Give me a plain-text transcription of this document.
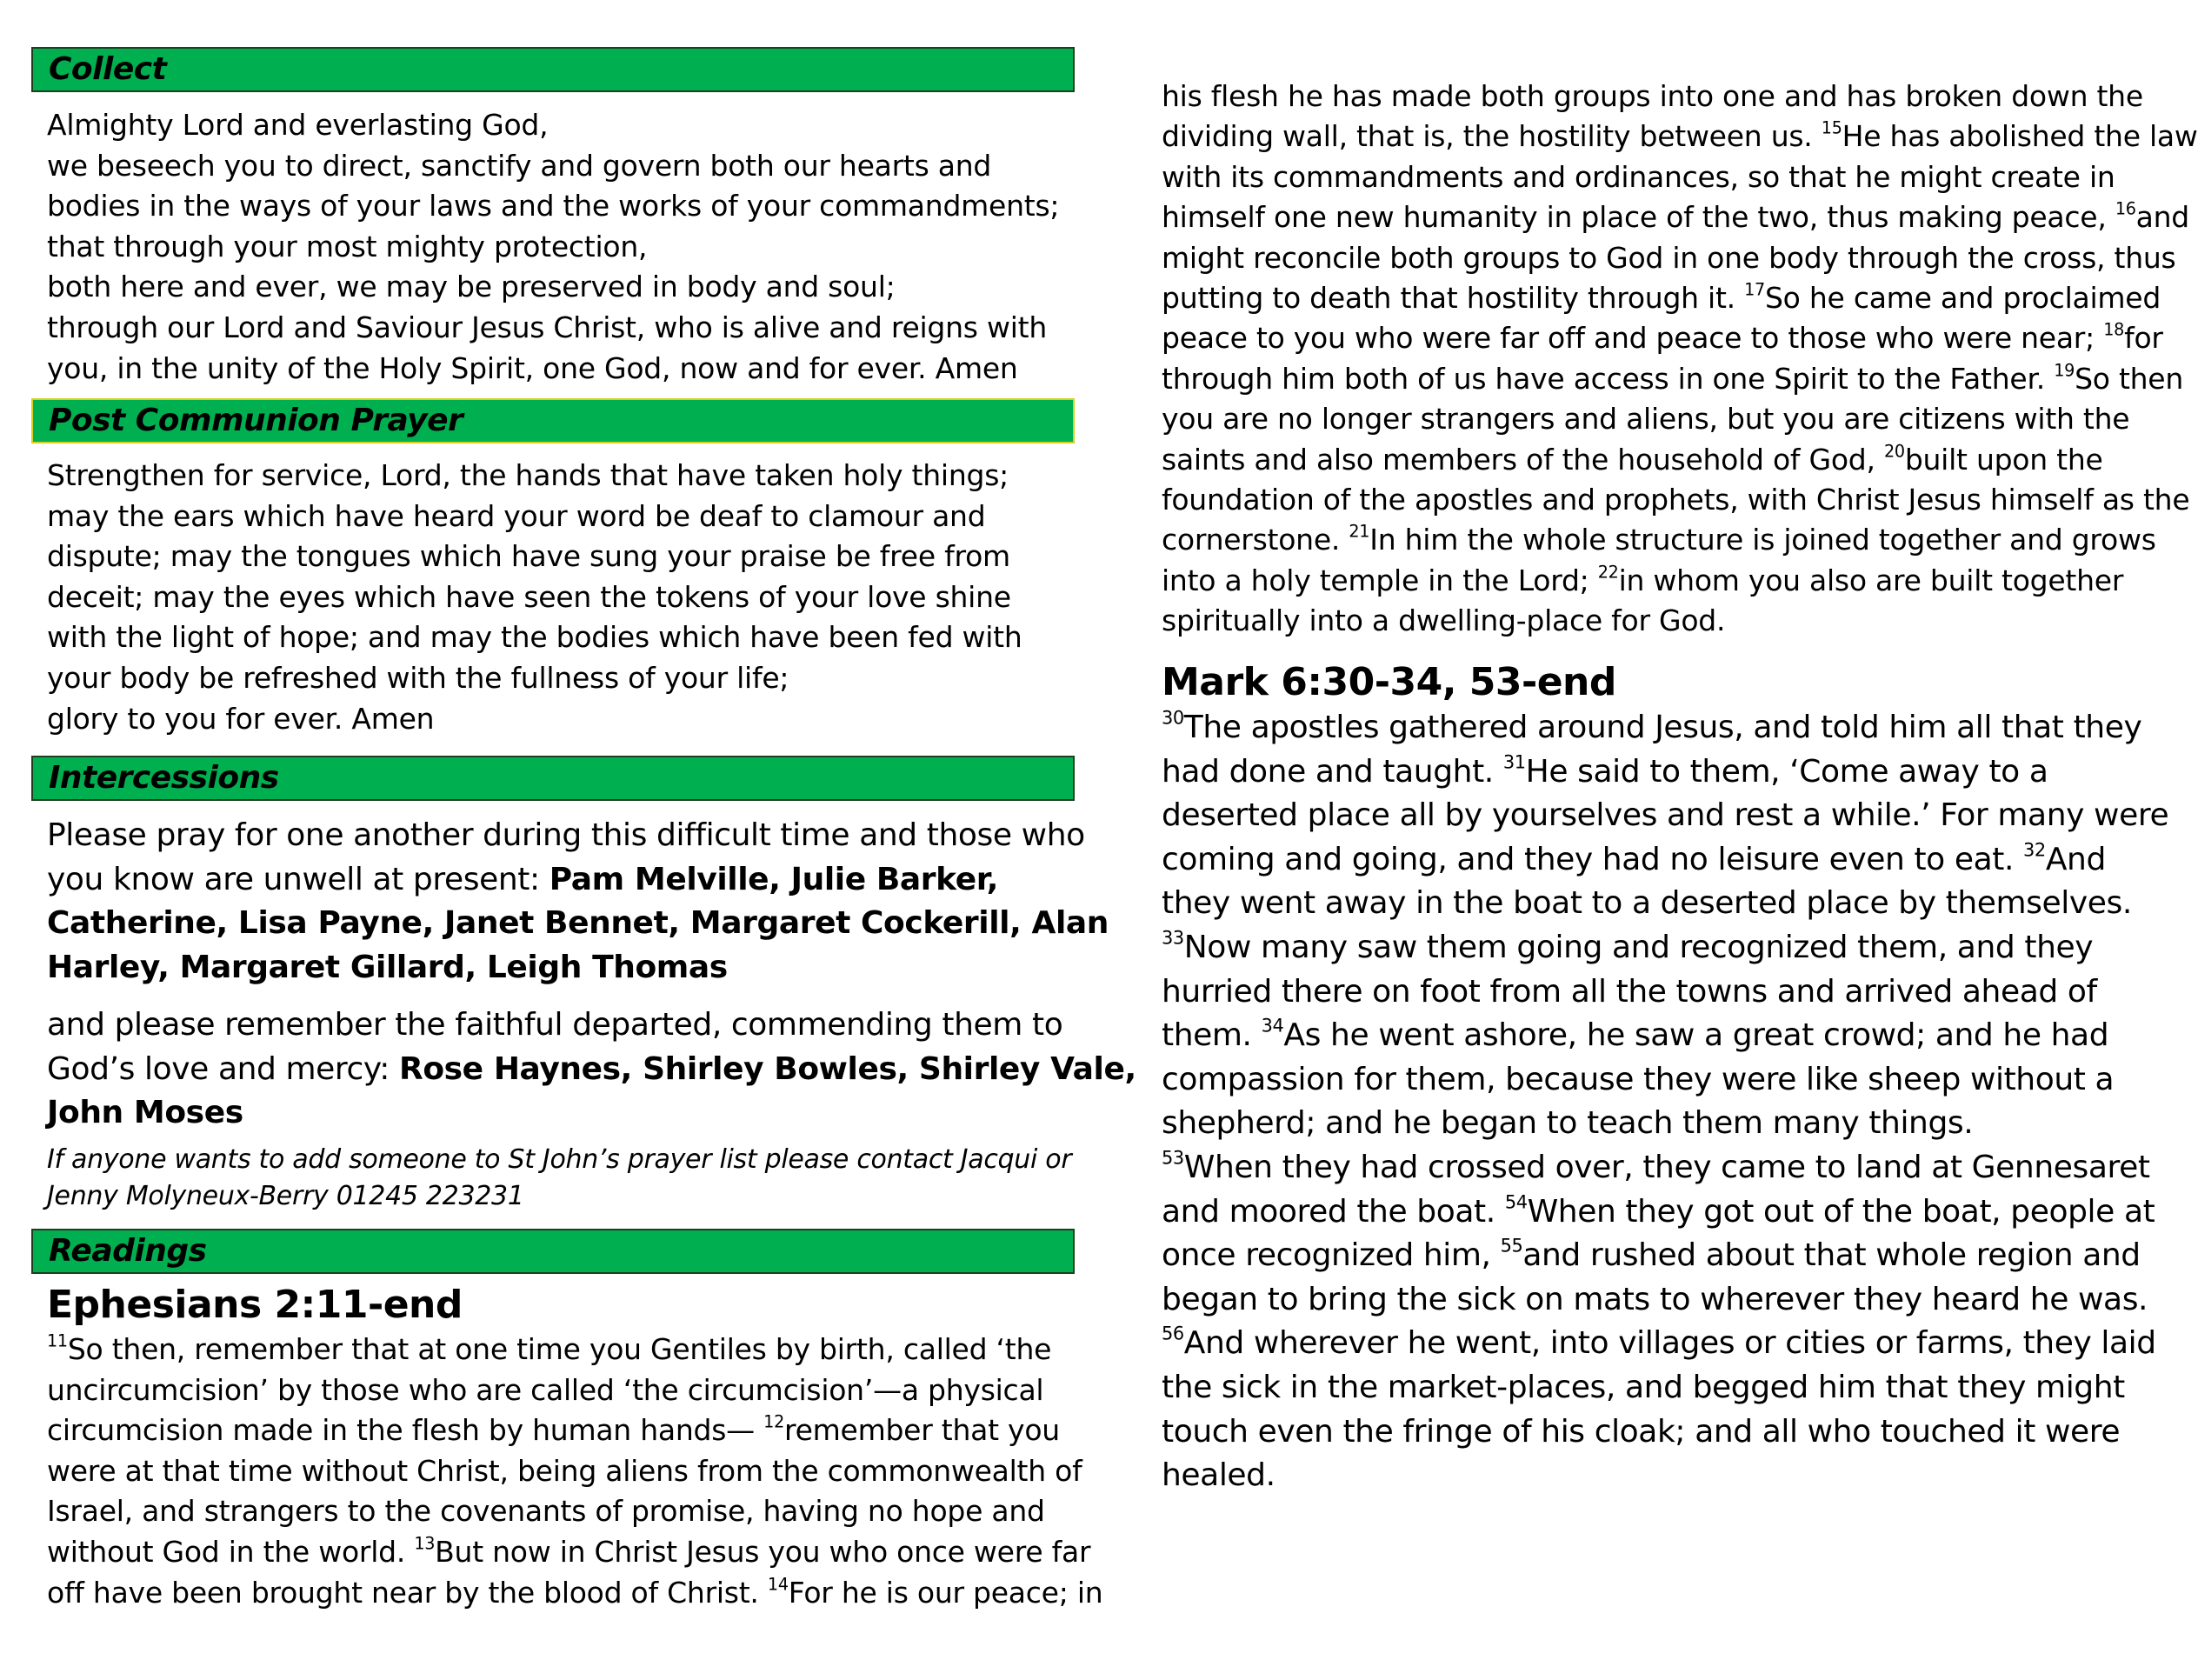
Collect
Almighty Lord and everlasting God,
we beseech you to direct, sanctify and govern both our hearts and
bodies in the ways of your laws and the works of your commandments;
that through your most mighty protection,
both here and ever, we may be preserved in body and soul;
through our Lord and Saviour Jesus Christ, who is alive and reigns with
you, in the unity of the Holy Spirit, one God, now and for ever. Amen
Post Communion Prayer
Strengthen for service, Lord, the hands that have taken holy things;
may the ears which have heard your word be deaf to clamour and
dispute; may the tongues which have sung your praise be free from
deceit; may the eyes which have seen the tokens of your love shine
with the light of hope; and may the bodies which have been fed with
your body be refreshed with the fullness of your life;
glory to you for ever. Amen
Intercessions
Please pray for one another during this difficult time and those who
you know are unwell at present: Pam Melville, Julie Barker,
Catherine, Lisa Payne, Janet Bennet, Margaret Cockerill, Alan
Harley, Margaret Gillard, Leigh Thomas
and please remember the faithful departed, commending them to
God’s love and mercy: Rose Haynes, Shirley Bowles, Shirley Vale,
John Moses
If anyone wants to add someone to St John’s prayer list please contact Jacqui or
Jenny Molyneux-Berry 01245 223231
Readings
Ephesians 2:11-end
$^{11}$So then, remember that at one time you Gentiles by birth, called ‘the
uncircumcision’ by those who are called ‘the circumcision’—a physical
circumcision made in the flesh by human hands— $^{12}$remember that you
were at that time without Christ, being aliens from the commonwealth of
Israel, and strangers to the covenants of promise, having no hope and
without God in the world. $^{13}$But now in Christ Jesus you who once were far
off have been brought near by the blood of Christ. $^{14}$For he is our peace; in
his flesh he has made both groups into one and has broken down the
dividing wall, that is, the hostility between us. $^{15}$He has abolished the law
with its commandments and ordinances, so that he might create in
himself one new humanity in place of the two, thus making peace, $^{16}$and
might reconcile both groups to God in one body through the cross, thus
putting to death that hostility through it. $^{17}$So he came and proclaimed
peace to you who were far off and peace to those who were near; $^{18}$for
through him both of us have access in one Spirit to the Father. $^{19}$So then
you are no longer strangers and aliens, but you are citizens with the
saints and also members of the household of God, $^{20}$built upon the
foundation of the apostles and prophets, with Christ Jesus himself as the
cornerstone. $^{21}$In him the whole structure is joined together and grows
into a holy temple in the Lord; $^{22}$in whom you also are built together
spiritually into a dwelling-place for God.
Mark 6:30-34, 53-end
$^{30}$The apostles gathered around Jesus, and told him all that they
had done and taught. $^{31}$He said to them, ‘Come away to a
deserted place all by yourselves and rest a while.’ For many were
coming and going, and they had no leisure even to eat. $^{32}$And
they went away in the boat to a deserted place by themselves.
$^{33}$Now many saw them going and recognized them, and they
hurried there on foot from all the towns and arrived ahead of
them. $^{34}$As he went ashore, he saw a great crowd; and he had
compassion for them, because they were like sheep without a
shepherd; and he began to teach them many things.
$^{53}$When they had crossed over, they came to land at Gennesaret
and moored the boat. $^{54}$When they got out of the boat, people at
once recognized him, $^{55}$and rushed about that whole region and
began to bring the sick on mats to wherever they heard he was.
$^{56}$And wherever he went, into villages or cities or farms, they laid
the sick in the market-places, and begged him that they might
touch even the fringe of his cloak; and all who touched it were
healed.
